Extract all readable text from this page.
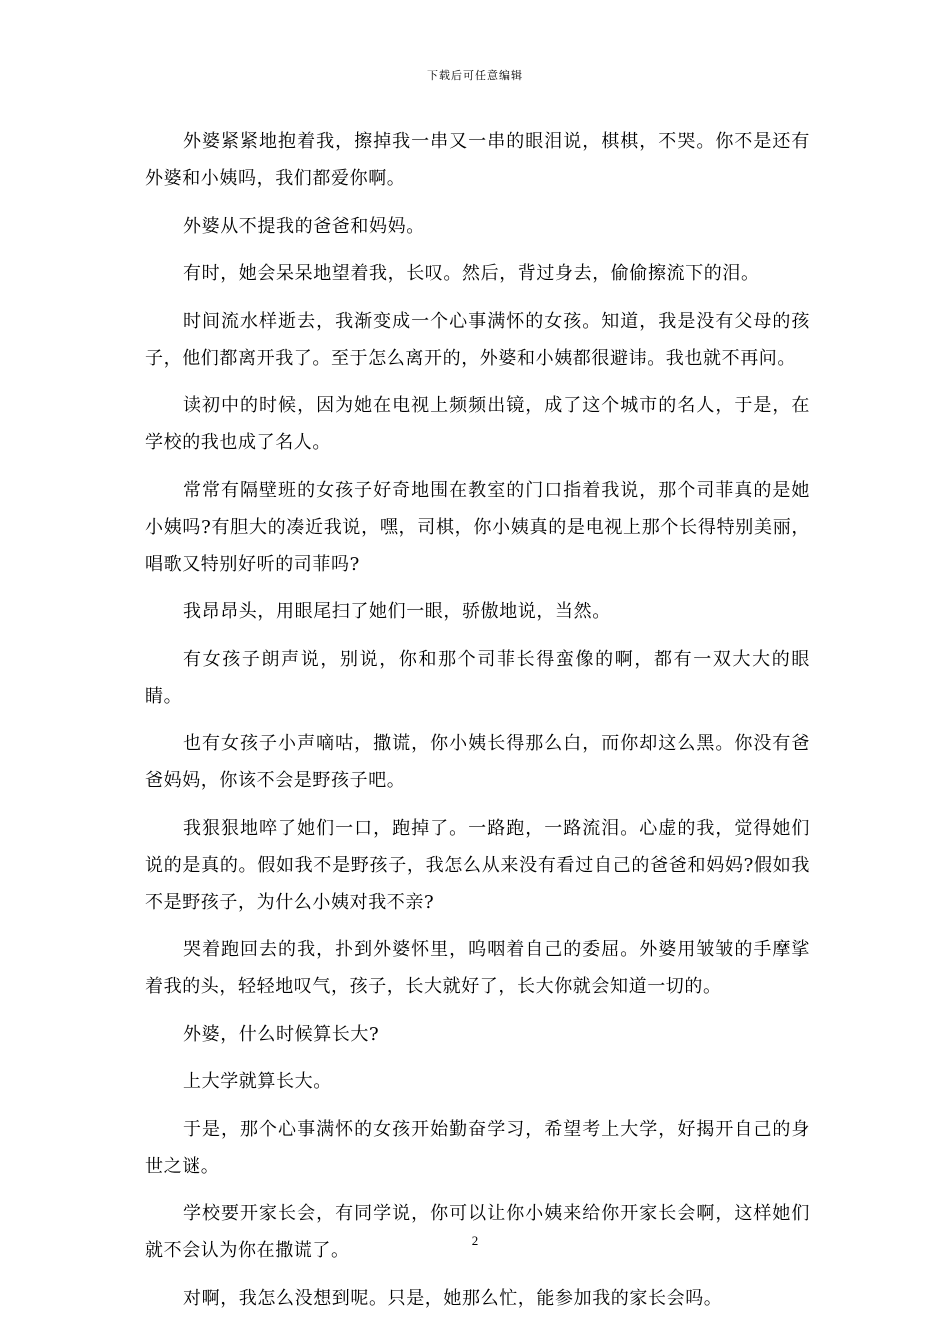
下载后可任意编辑

外婆紧紧地抱着我，擦掉我一串又一串的眼泪说，棋棋，不哭。你不是还有外婆和小姨吗，我们都爱你啊。

外婆从不提我的爸爸和妈妈。

有时，她会呆呆地望着我，长叹。然后，背过身去，偷偷擦流下的泪。

时间流水样逝去，我渐变成一个心事满怀的女孩。知道，我是没有父母的孩子，他们都离开我了。至于怎么离开的，外婆和小姨都很避讳。我也就不再问。

读初中的时候，因为她在电视上频频出镜，成了这个城市的名人，于是，在学校的我也成了名人。

常常有隔壁班的女孩子好奇地围在教室的门口指着我说，那个司菲真的是她小姨吗?有胆大的凑近我说，嘿，司棋，你小姨真的是电视上那个长得特别美丽，唱歌又特别好听的司菲吗?

我昂昂头，用眼尾扫了她们一眼，骄傲地说，当然。

有女孩子朗声说，别说，你和那个司菲长得蛮像的啊，都有一双大大的眼睛。

也有女孩子小声嘀咕，撒谎，你小姨长得那么白，而你却这么黑。你没有爸爸妈妈，你该不会是野孩子吧。

我狠狠地啐了她们一口，跑掉了。一路跑，一路流泪。心虚的我，觉得她们说的是真的。假如我不是野孩子，我怎么从来没有看过自己的爸爸和妈妈?假如我不是野孩子，为什么小姨对我不亲?

哭着跑回去的我，扑到外婆怀里，呜咽着自己的委屈。外婆用皱皱的手摩挲着我的头，轻轻地叹气，孩子，长大就好了，长大你就会知道一切的。

外婆，什么时候算长大?

上大学就算长大。

于是，那个心事满怀的女孩开始勤奋学习，希望考上大学，好揭开自己的身世之谜。

学校要开家长会，有同学说，你可以让你小姨来给你开家长会啊，这样她们就不会认为你在撒谎了。

对啊，我怎么没想到呢。只是，她那么忙，能参加我的家长会吗。

2
